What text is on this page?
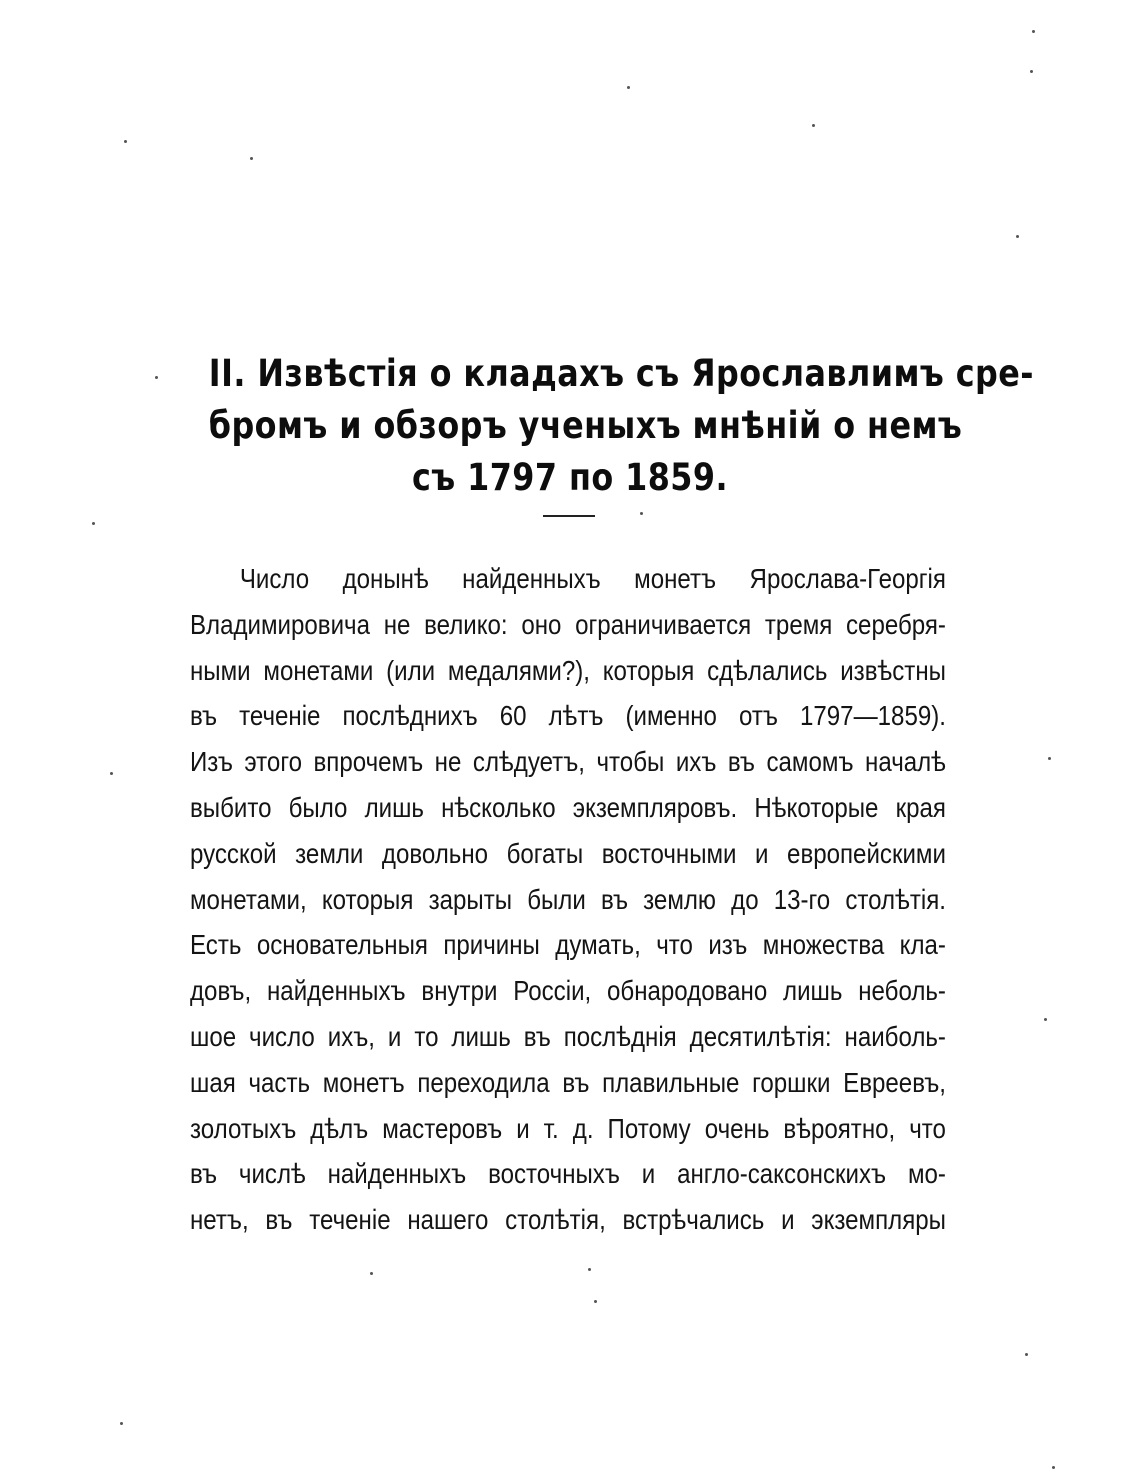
II. Извѣстія о кладахъ съ Ярославлимъ сре-
бромъ и обзоръ ученыхъ мнѣній о немъ
съ 1797 по 1859.
Число донынѣ найденныхъ монетъ Ярослава-Георгія
Владимировича не велико: оно ограничивается тремя серебря-
ными монетами (или медалями?), которыя сдѣлались извѣстны
въ теченіе послѣднихъ 60 лѣтъ (именно отъ 1797—1859).
Изъ этого впрочемъ не слѣдуетъ, чтобы ихъ въ самомъ началѣ
выбито было лишь нѣсколько экземпляровъ. Нѣкоторые края
русской земли довольно богаты восточными и европейскими
монетами, которыя зарыты были въ землю до 13-го столѣтія.
Есть основательныя причины думать, что изъ множества кла-
довъ, найденныхъ внутри Россіи, обнародовано лишь неболь-
шое число ихъ, и то лишь въ послѣднія десятилѣтія: наиболь-
шая часть монетъ переходила въ плавильные горшки Евреевъ,
золотыхъ дѣлъ мастеровъ и т. д. Потому очень вѣроятно, что
въ числѣ найденныхъ восточныхъ и англо-саксонскихъ мо-
нетъ, въ теченіе нашего столѣтія, встрѣчались и экземпляры
